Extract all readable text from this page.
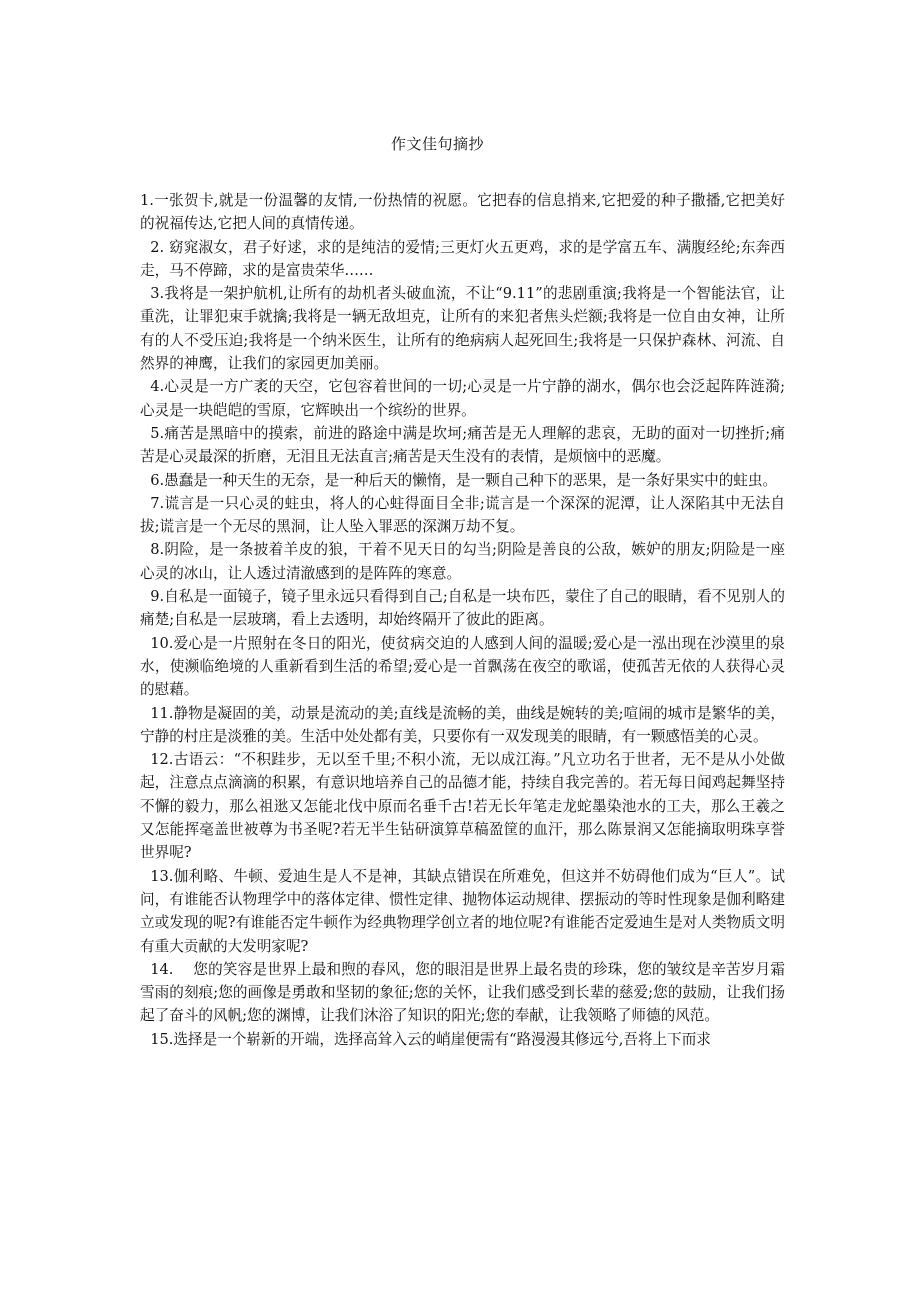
作文佳句摘抄

1.一张贺卡,就是一份温馨的友情,一份热情的祝愿。它把春的信息捎来,它把爱的种子撒播,它把美好的祝福传达,它把人间的真情传递。

2. 窈窕淑女，君子好逑，求的是纯洁的爱情;三更灯火五更鸡，求的是学富五车、满腹经纶;东奔西走，马不停蹄，求的是富贵荣华……

3.我将是一架护航机,让所有的劫机者头破血流，不让“9.11”的悲剧重演;我将是一个智能法官，让重洗，让罪犯束手就擒;我将是一辆无敌坦克，让所有的来犯者焦头烂额;我将是一位自由女神，让所有的人不受压迫;我将是一个纳米医生，让所有的绝病病人起死回生;我将是一只保护森林、河流、自然界的神鹰，让我们的家园更加美丽。

4.心灵是一方广袤的天空，它包容着世间的一切;心灵是一片宁静的湖水，偶尔也会泛起阵阵涟漪;心灵是一块皑皑的雪原，它辉映出一个缤纷的世界。

5.痛苦是黑暗中的摸索，前进的路途中满是坎坷;痛苦是无人理解的悲哀，无助的面对一切挫折;痛苦是心灵最深的折磨，无泪且无法直言;痛苦是天生没有的表情，是烦恼中的恶魔。

6.愚蠢是一种天生的无奈，是一种后天的懒惰，是一颗自己种下的恶果，是一条好果实中的蛀虫。

7.谎言是一只心灵的蛀虫，将人的心蛀得面目全非;谎言是一个深深的泥潭，让人深陷其中无法自拔;谎言是一个无尽的黑洞，让人坠入罪恶的深渊万劫不复。

8.阴险，是一条披着羊皮的狼，干着不见天日的勾当;阴险是善良的公敌，嫉妒的朋友;阴险是一座心灵的冰山，让人透过清澈感到的是阵阵的寒意。

9.自私是一面镜子，镜子里永远只看得到自己;自私是一块布匹，蒙住了自己的眼睛，看不见别人的痛楚;自私是一层玻璃，看上去透明，却始终隔开了彼此的距离。

10.爱心是一片照射在冬日的阳光，使贫病交迫的人感到人间的温暖;爱心是一泓出现在沙漠里的泉水，使濒临绝境的人重新看到生活的希望;爱心是一首飘荡在夜空的歌谣，使孤苦无依的人获得心灵的慰藉。

11.静物是凝固的美，动景是流动的美;直线是流畅的美，曲线是婉转的美;喧闹的城市是繁华的美，宁静的村庄是淡雅的美。生活中处处都有美，只要你有一双发现美的眼睛，有一颗感悟美的心灵。

12.古语云：“不积跬步，无以至千里;不积小流，无以成江海。”凡立功名于世者，无不是从小处做起，注意点点滴滴的积累，有意识地培养自己的品德才能，持续自我完善的。若无每日闻鸡起舞坚持不懈的毅力，那么祖逖又怎能北伐中原而名垂千古!若无长年笔走龙蛇墨染池水的工夫，那么王羲之又怎能挥毫盖世被尊为书圣呢?若无半生钻研演算草稿盈筐的血汗，那么陈景润又怎能摘取明珠享誉世界呢?

13.伽利略、牛顿、爱迪生是人不是神，其缺点错误在所难免，但这并不妨碍他们成为“巨人”。试问，有谁能否认物理学中的落体定律、惯性定律、抛物体运动规律、摆振动的等时性现象是伽利略建立或发现的呢?有谁能否定牛顿作为经典物理学创立者的地位呢?有谁能否定爱迪生是对人类物质文明有重大贡献的大发明家呢?

14.　 您的笑容是世界上最和煦的春风，您的眼泪是世界上最名贵的珍珠，您的皱纹是辛苦岁月霜雪雨的刻痕;您的画像是勇敢和坚韧的象征;您的关怀，让我们感受到长辈的慈爱;您的鼓励，让我们扬起了奋斗的风帆;您的渊博，让我们沐浴了知识的阳光;您的奉献，让我领略了师德的风范。

15.选择是一个崭新的开端，选择高耸入云的峭崖便需有“路漫漫其修远兮,吾将上下而求
